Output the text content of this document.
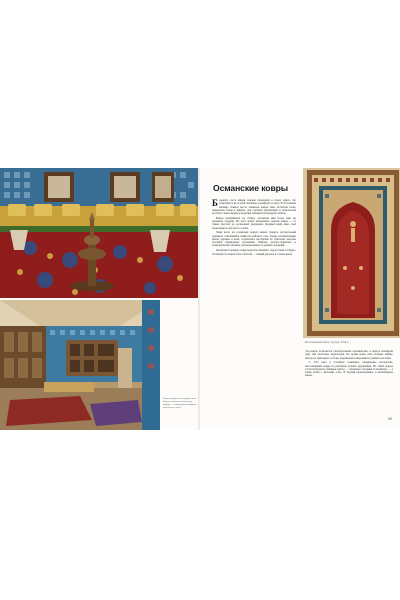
Ковры и диван в интерьере зала. Ковры и мебель в интерьере дворца — характерные примеры восточного стиля.
Османские ковры

Большую часть жизни османы проводили в своих домах, что объясняется их особой любовью к комфорту и уюту. В обстановке жилища главное место занимали ковры: ими застилали полы, покрывали стены и диваны, они служили украшением и показателем достатка семьи. Ковры и подушки заменяли громоздкую мебель.

Ковры развешивали на стенах, застилали ими полы, ими же укрывали сундуки. Во всех домах непременно лежали ковры — от самых простых до роскошных дворцовых. Каждый ковёр имел своё назначение и своё место в доме.

Чаще всего на османских коврах можно увидеть растительный орнамент, считавшийся символом райского сада. Узоры, изображающие цветы, деревья и вазы, создавались мастерами по образцам, которые готовили придворные художники. Широко распространились и геометрические мотивы, унаследованные от древних традиций.

Центрами турецкого ковроткачества являлись города Ушак и Гёрдес. Особенность ковров этих областей — тонкий рисунок и сочные цвета.

Молитвенный ковёр. Турция. XVIII в.

Эти ковры отличаются своеобразными орнаментами, в центре помещали одну или несколько медальонов. По краям ковра шли узорные каймы, иногда по двенадцать и более, перемежаясь широкими и узкими полосами.

С XVI века в Стамбуле появились придворные мастерские, изготовлявшие ковры по рисункам лучших художников. На таких коврах стали изображать изящные цветы — тюльпаны, гвоздики и гиацинты, — а также ветви с листьями «саз». В Турции производились и молитвенные ковры.

99
